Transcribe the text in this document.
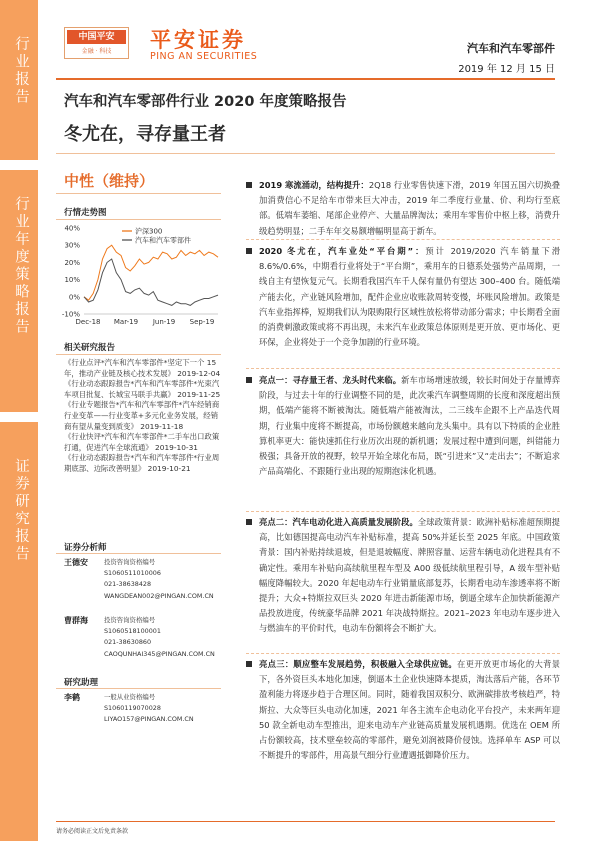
行业报告
行业年度策略报告
证券研究报告
中国平安
金融 · 科技	平安证券
PING AN SECURITIES
汽车和汽车零部件
2019 年 12 月 15 日
汽车和汽车零部件行业 2020 年度策略报告
冬尤在，寻存量王者
中性（维持）
行情走势图
40%
30%
20%
10%
0%
-10%
Dec-18 Mar-19 Jun-19 Sep-19
沪深300
汽车和汽车零部件
相关研究报告
《行业点评*汽车和汽车零部件*坚定下一个 15 年，推动产业链及核心技术发展》 2019-12-04
《行业动态跟踪报告*汽车和汽车零部件*光束汽车项目批复、长城宝马联手共赢》 2019-11-25
《行业专题报告*汽车和汽车零部件*汽车经销商行业变革——行业变革+多元化业务发展，经销商有望从量变到质变》 2019-11-18
《行业快评*汽车和汽车零部件*二手车出口政策打通，促进汽车全球流通》 2019-10-31
《行业动态跟踪报告*汽车和汽车零部件*行业周期底部、边际改善明显》 2019-10-21
证券分析师
王德安	投资咨询资格编号
S1060511010006
021-38638428
WANGDEAN002@PINGAN.COM.CN
曹群海	投资咨询资格编号
S1060518100001
021-38630860
CAOQUNHAI345@PINGAN.COM.CN
研究助理
李鹤	一般从业资格编号
S1060119070028
LIYAO157@PINGAN.COM.CN
2019 寒流涌动，结构提升：2Q18 行业零售快速下滑，2019 年国五国六切换叠加消费信心不足给车市带来巨大冲击，2019 年二季度行业量、价、利均行至底部。低端车萎缩、尾部企业停产、大量品牌淘汰；乘用车零售价中枢上移，消费升级趋势明显；二手车年交易额增幅明显高于新车。
2020 冬尤在，汽车业处“平台期”：预计 2019/2020 汽车销量下滑 8.6%/0.6%，中期看行业将处于“平台期”，乘用车的日德系处强势产品周期，一线自主有望恢复元气。长期看我国汽车千人保有量仍有望达 300–400 台。随低端产能去化，产业链风险增加，配件企业应收账款周转变慢，坏账风险增加。政策是汽车业指挥棒，短期我们认为限购限行区域性放松将带动部分需求；中长期看全面的消费刺激政策或将不再出现，未来汽车业政策总体原则是更开放、更市场化、更环保，企业将处于一个竞争加剧的行业环境。
亮点一：寻存量王者、龙头时代来临。新车市场增速放缓，较长时间处于存量博弈阶段，与过去十年的行业调整不同的是，此次乘汽车调整周期的长度和深度超出预期，低端产能将不断被淘汰。随低端产能被淘汰，二三线车企跟不上产品迭代周期，行业集中度将不断提高，市场份额越来越向龙头集中。具有以下特质的企业胜算机率更大：能快速抓住行业历次出现的新机遇；发展过程中遭到问题，纠错能力极强；具备开放的视野，较早开始全球化布局，既“引进来”又“走出去”；不断追求产品高端化、不跟随行业出现的短期泡沫化机遇。
亮点二：汽车电动化进入高质量发展阶段。全球政策背景：欧洲补贴标准超预期提高，比如德国提高电动汽车补贴标准，提高 50%并延长至 2025 年底。中国政策背景：国内补贴持续退坡，但是退坡幅度、牌照容量、运营车辆电动化进程具有不确定性。乘用车补贴向高续航里程车型及 A00 级低续航里程引导，A 级车型补贴幅度降幅较大。2020 年起电动车行业销量底部复苏，长期看电动车渗透率将不断提升；大众+特斯拉双巨头 2020 年进击新能源市场，倒逼全球车企加快新能源产品投放进度，传统豪华品牌 2021 年决战特斯拉。2021–2023 年电动车逐步进入与燃油车的平价时代，电动车份额将会不断扩大。
亮点三：顺应整车发展趋势，积极融入全球供应链。在更开放更市场化的大背景下，各外资巨头本地化加速，倒逼本土企业快速降本提质，淘汰落后产能，各环节盈利能力将逐步趋于合理区间。同时，随着我国双积分、欧洲碳排放考核趋严，特斯拉、大众等巨头电动化加速，2021 年各主流车企电动化平台投产，未来两年迎 50 款全新电动车型推出，迎来电动车产业链高质量发展机遇期。优选在 OEM 所占份额较高，技术壁垒较高的零部件，避免刘润被降价侵蚀。选择单车 ASP 可以不断提升的零部件，用高景气细分行业遭遇抵御降价压力。
请务必阅读正文后免责条款
